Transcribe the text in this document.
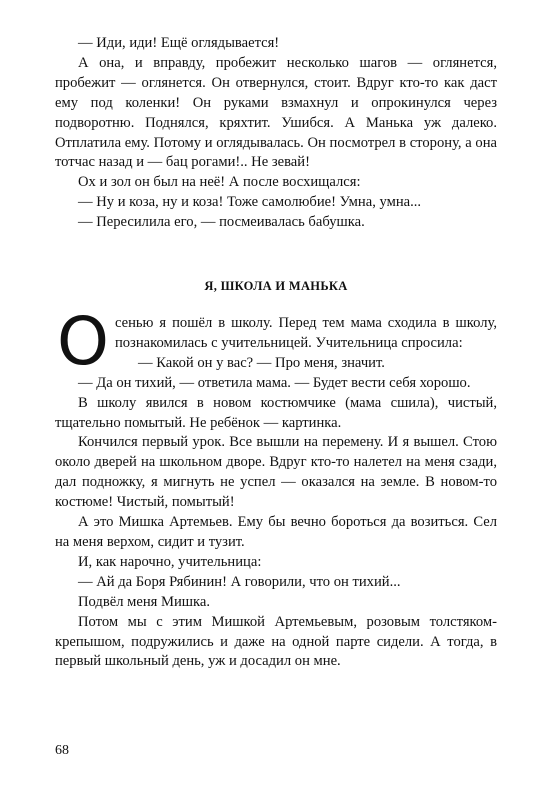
— Иди, иди! Ещё оглядывается!

А она, и вправду, пробежит несколько шагов — оглянется, пробежит — оглянется. Он отвернулся, стоит. Вдруг кто-то как даст ему под коленки! Он руками взмахнул и опрокинулся через подворотню. Поднялся, кряхтит. Ушибся. А Манька уж далеко. Отплатила ему. Потому и оглядывалась. Он посмотрел в сторону, а она тотчас назад и — бац рогами!.. Не зевай!

Ох и зол он был на неё! А после восхищался:

— Ну и коза, ну и коза! Тоже самолюбие! Умна, умна...

— Пересилила его, — посмеивалась бабушка.

Я, ШКОЛА И МАНЬКА

Осенью я пошёл в школу. Перед тем мама сходила в школу, познакомилась с учительницей. Учительница спросила:

— Какой он у вас? — Про меня, значит.

— Да он тихий, — ответила мама. — Будет вести себя хорошо.

В школу явился в новом костюмчике (мама сшила), чистый, тщательно помытый. Не ребёнок — картинка.

Кончился первый урок. Все вышли на перемену. И я вышел. Стою около дверей на школьном дворе. Вдруг кто-то налетел на меня сзади, дал подножку, я мигнуть не успел — оказался на земле. В новом-то костюме! Чистый, помытый!

А это Мишка Артемьев. Ему бы вечно бороться да возиться. Сел на меня верхом, сидит и тузит.

И, как нарочно, учительница:

— Ай да Боря Рябинин! А говорили, что он тихий...

Подвёл меня Мишка.

Потом мы с этим Мишкой Артемьевым, розовым толстяком-крепышом, подружились и даже на одной парте сидели. А тогда, в первый школьный день, уж и досадил он мне.

68
